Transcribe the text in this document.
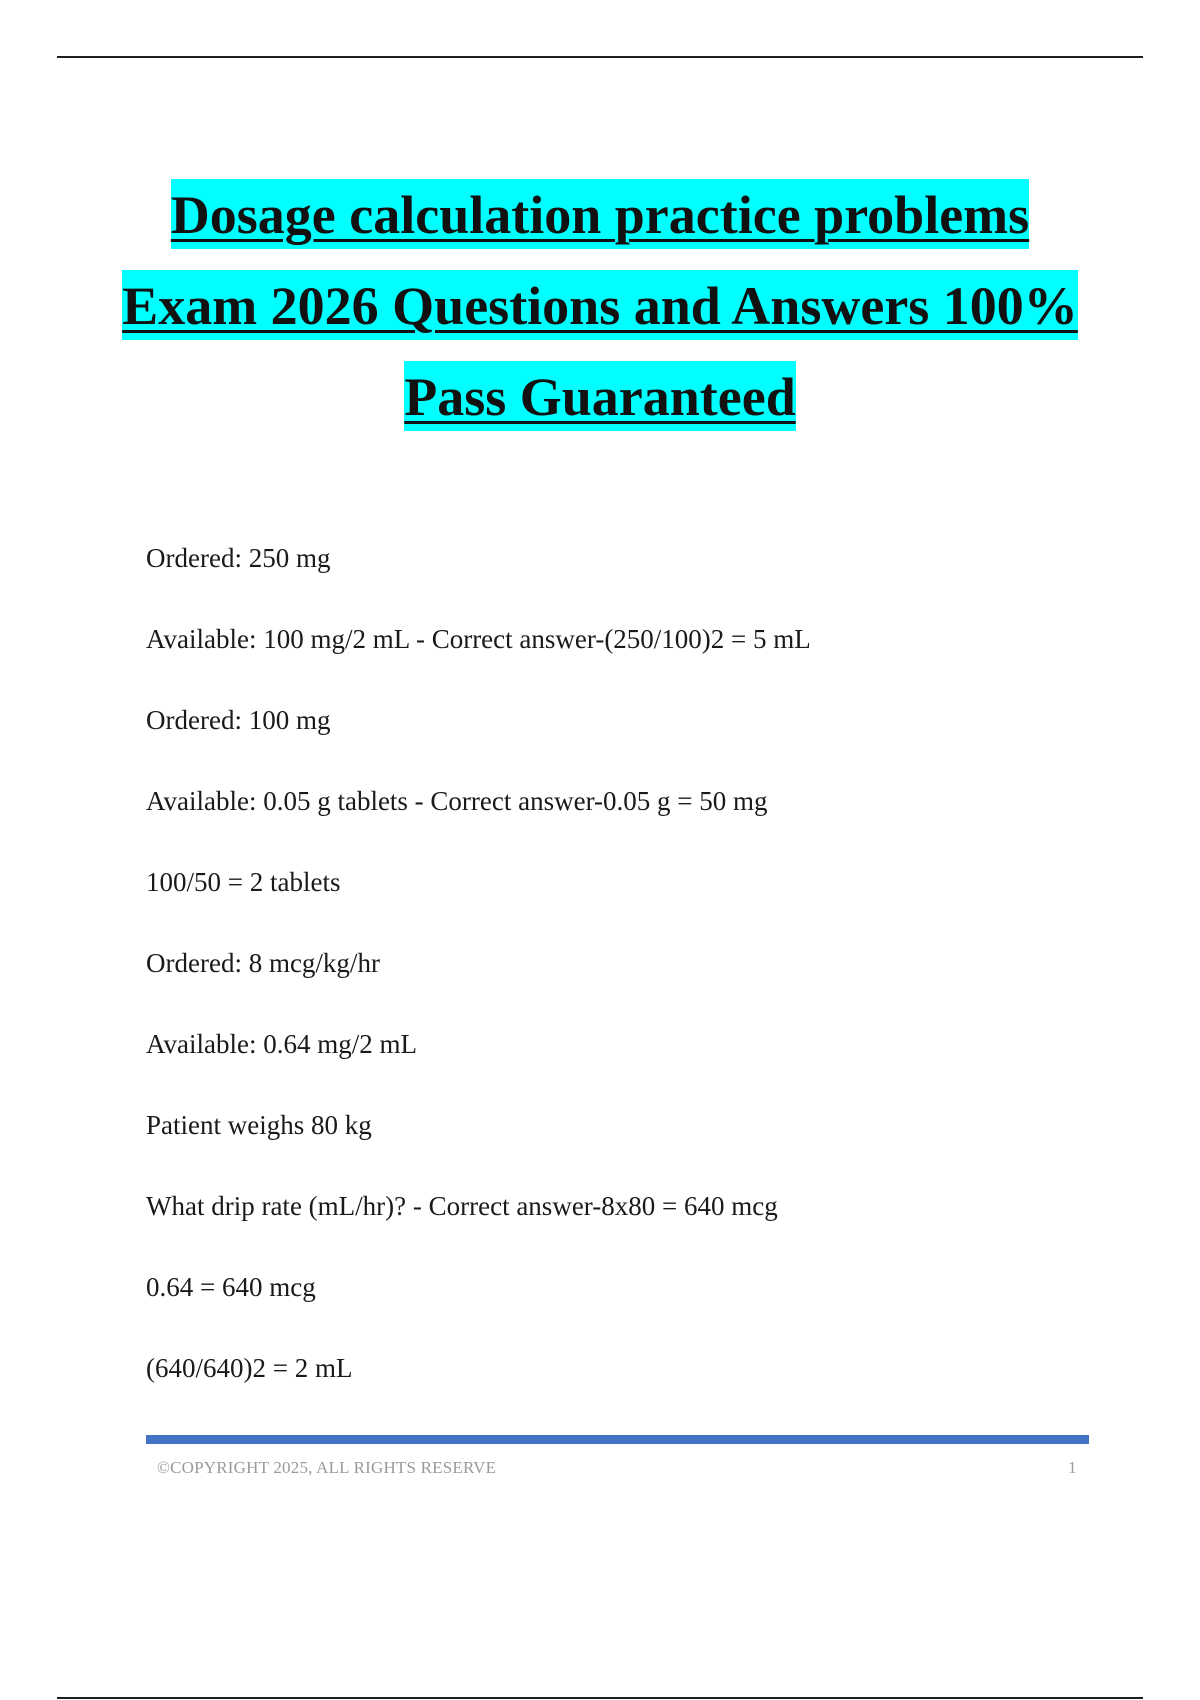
Dosage calculation practice problems
Exam 2026 Questions and Answers 100%
Pass Guaranteed

Ordered: 250 mg

Available: 100 mg/2 mL - Correct answer-(250/100)2 = 5 mL

Ordered: 100 mg

Available: 0.05 g tablets - Correct answer-0.05 g = 50 mg

100/50 = 2 tablets

Ordered: 8 mcg/kg/hr

Available: 0.64 mg/2 mL

Patient weighs 80 kg

What drip rate (mL/hr)? - Correct answer-8x80 = 640 mcg

0.64 = 640 mcg

(640/640)2 = 2 mL

©COPYRIGHT 2025, ALL RIGHTS RESERVE	1
